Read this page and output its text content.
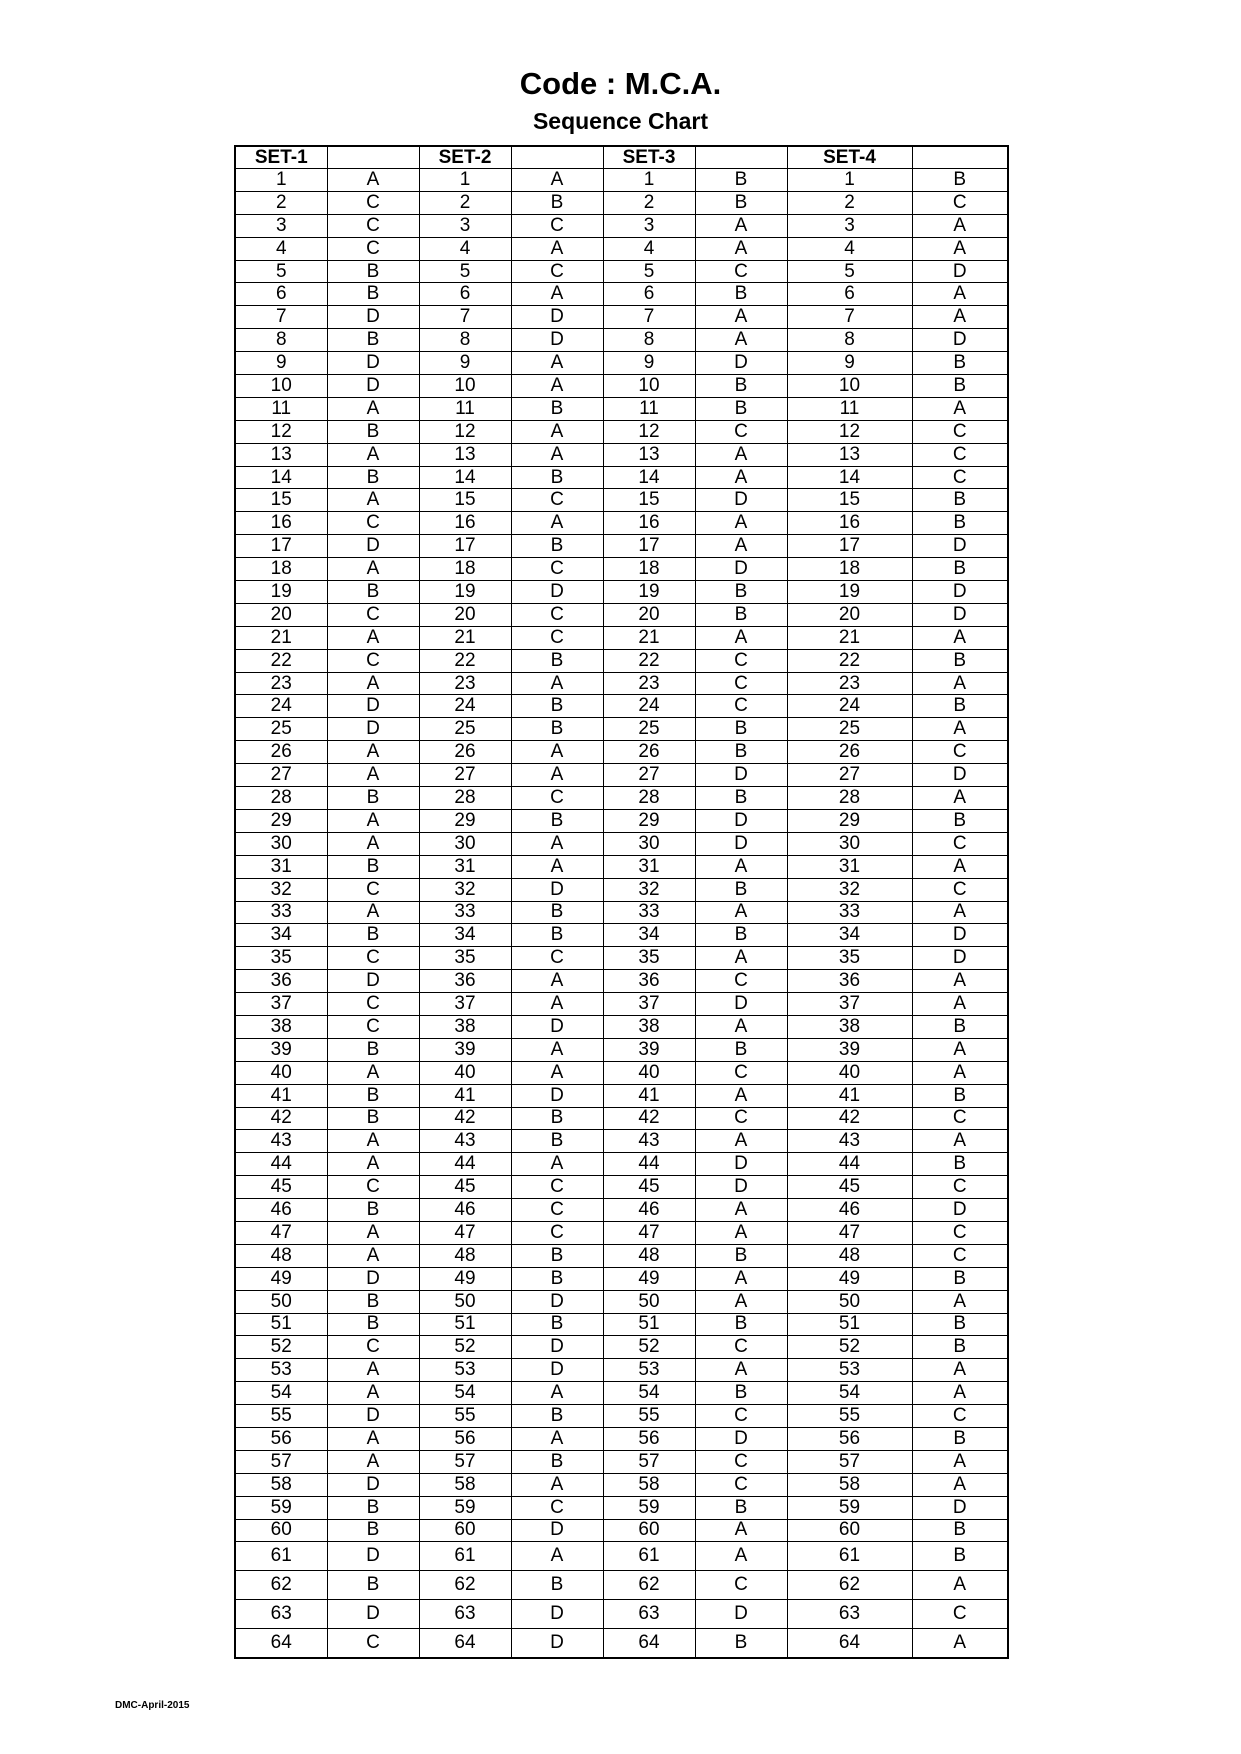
Code : M.C.A.
Sequence Chart
SET-1		SET-2		SET-3		SET-4	
1	A	1	A	1	B	1	B
2	C	2	B	2	B	2	C
3	C	3	C	3	A	3	A
4	C	4	A	4	A	4	A
5	B	5	C	5	C	5	D
6	B	6	A	6	B	6	A
7	D	7	D	7	A	7	A
8	B	8	D	8	A	8	D
9	D	9	A	9	D	9	B
10	D	10	A	10	B	10	B
11	A	11	B	11	B	11	A
12	B	12	A	12	C	12	C
13	A	13	A	13	A	13	C
14	B	14	B	14	A	14	C
15	A	15	C	15	D	15	B
16	C	16	A	16	A	16	B
17	D	17	B	17	A	17	D
18	A	18	C	18	D	18	B
19	B	19	D	19	B	19	D
20	C	20	C	20	B	20	D
21	A	21	C	21	A	21	A
22	C	22	B	22	C	22	B
23	A	23	A	23	C	23	A
24	D	24	B	24	C	24	B
25	D	25	B	25	B	25	A
26	A	26	A	26	B	26	C
27	A	27	A	27	D	27	D
28	B	28	C	28	B	28	A
29	A	29	B	29	D	29	B
30	A	30	A	30	D	30	C
31	B	31	A	31	A	31	A
32	C	32	D	32	B	32	C
33	A	33	B	33	A	33	A
34	B	34	B	34	B	34	D
35	C	35	C	35	A	35	D
36	D	36	A	36	C	36	A
37	C	37	A	37	D	37	A
38	C	38	D	38	A	38	B
39	B	39	A	39	B	39	A
40	A	40	A	40	C	40	A
41	B	41	D	41	A	41	B
42	B	42	B	42	C	42	C
43	A	43	B	43	A	43	A
44	A	44	A	44	D	44	B
45	C	45	C	45	D	45	C
46	B	46	C	46	A	46	D
47	A	47	C	47	A	47	C
48	A	48	B	48	B	48	C
49	D	49	B	49	A	49	B
50	B	50	D	50	A	50	A
51	B	51	B	51	B	51	B
52	C	52	D	52	C	52	B
53	A	53	D	53	A	53	A
54	A	54	A	54	B	54	A
55	D	55	B	55	C	55	C
56	A	56	A	56	D	56	B
57	A	57	B	57	C	57	A
58	D	58	A	58	C	58	A
59	B	59	C	59	B	59	D
60	B	60	D	60	A	60	B
61	D	61	A	61	A	61	B
62	B	62	B	62	C	62	A
63	D	63	D	63	D	63	C
64	C	64	D	64	B	64	A
DMC-April-2015
